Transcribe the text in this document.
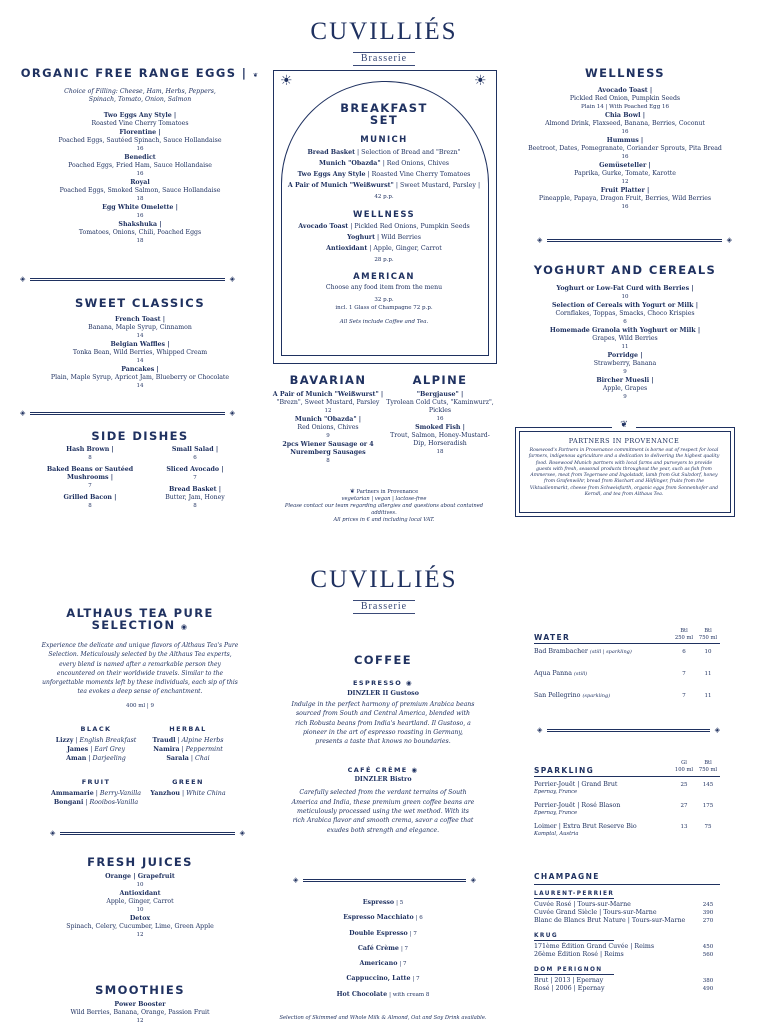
CUVILLIÉS
Brasserie
ORGANIC FREE RANGE EGGS | ❦
Choice of Filling: Cheese, Ham, Herbs, Peppers, Spinach, Tomato, Onion, Salmon
Two Eggs Any Style |
Roasted Vine Cherry Tomatoes
Florentine |
Poached Eggs, Sautéed Spinach, Sauce Hollandaise
16
Benedict
Poached Eggs, Fried Ham, Sauce Hollandaise
16
Royal
Poached Eggs, Smoked Salmon, Sauce Hollandaise
18
Egg White Omelette |
16
Shakshuka |
Tomatoes, Onions, Chili, Poached Eggs
18
◈	◈
SWEET CLASSICS
French Toast |
Banana, Maple Syrup, Cinnamon
14
Belgian Waffles |
Tonka Bean, Wild Berries, Whipped Cream
14
Pancakes |
Plain, Maple Syrup, Apricot Jam, Blueberry or Chocolate
14
◈	◈
SIDE DISHES
Hash Brown |
8
Baked Beans or Sautéed Mushrooms |
7
Grilled Bacon |
8
Small Salad |
6
Sliced Avocado |
7
Bread Basket |
Butter, Jam, Honey
8
☀	☀
BREAKFAST SET
MUNICH
Bread Basket | Selection of Bread and "Brezn"
Munich "Obazda" | Red Onions, Chives
Two Eggs Any Style | Roasted Vine Cherry Tomatoes
A Pair of Munich "Weißwurst" | Sweet Mustard, Parsley |
42 p.p.
WELLNESS
Avocado Toast | Pickled Red Onions, Pumpkin Seeds
Yoghurt | Wild Berries
Antioxidant | Apple, Ginger, Carrot
28 p.p.
AMERICAN
Choose any food item from the menu
32 p.p.
incl. 1 Glass of Champagne 72 p.p.
All Sets include Coffee and Tea.
BAVARIAN
A Pair of Munich "Weißwurst" |
"Brezn", Sweet Mustard, Parsley
12
Munich "Obazda" |
Red Onions, Chives
9
2pcs Wiener Sausage or 4 Nuremberg Sausages
8
ALPINE
"Bergjause" |
Tyrolean Cold Cuts, "Kaminwurz", Pickles
16
Smoked Fish |
Trout, Salmon, Honey-Mustard-Dip, Horseradish
18
❦ Partners in Provenance
vegetarian | vegan | lactose-free
Please contact our team regarding allergies and questions about contained additives.
All prices in € and including local VAT.
WELLNESS
Avocado Toast |
Pickled Red Onion, Pumpkin Seeds
Plain 14 | With Poached Egg 16
Chia Bowl |
Almond Drink, Flaxseed, Banana, Berries, Coconut
16
Hummus |
Beetroot, Dates, Pomegranate, Coriander Sprouts, Pita Bread
16
Gemüseteller |
Paprika, Gurke, Tomate, Karotte
12
Fruit Platter |
Pineapple, Papaya, Dragon Fruit, Berries, Wild Berries
16
◈	◈
YOGHURT AND CEREALS
Yoghurt or Low-Fat Curd with Berries |
10
Selection of Cereals with Yogurt or Milk |
Cornflakes, Toppas, Smacks, Choco Krispies
6
Homemade Granola with Yoghurt or Milk |
Grapes, Wild Berries
11
Porridge |
Strawberry, Banana
9
Bircher Muesli |
Apple, Grapes
9
❦
PARTNERS IN PROVENANCE
Rosewood's Partners in Provenance commitment is borne out of respect for local farmers, indigenous agriculture and a dedication to delivering the highest quality food. Rosewood Munich partners with local farms and purveyors to provide guests with fresh, seasonal products throughout the year, such as fish from Ammersee, meat from Tegernsee and Ingolstadt, lamb from Gut Sulzdorf, honey from Grafenwöhr, bread from Rischart and Höflinger, fruits from the Viktualienmarkt, cheese from Schweisfurth, organic eggs from Sonnenhofer and Kerndl, and tea from Althaus Tea.
CUVILLIÉS
Brasserie
ALTHAUS TEA PURE SELECTION ◉
Experience the delicate and unique flavors of Althaus Tea's Pure Selection. Meticulously selected by the Althaus Tea experts, every blend is named after a remarkable person they encountered on their worldwide travels. Similar to the unforgettable moments left by these individuals, each sip of this tea evokes a deep sense of enchantment.
400 ml | 9
BLACK
Lizzy | English Breakfast
James | Earl Grey
Aman | Darjeeling
HERBAL
Traudl | Alpine Herbs
Namira | Peppermint
Sarala | Chai
FRUIT
Ammamarie | Berry-Vanilla
Bongani | Rooibos-Vanilla
GREEN
Yanzhou | White China
◈	◈
FRESH JUICES
Orange | Grapefruit
10
Antioxidant
Apple, Ginger, Carrot
10
Detox
Spinach, Celery, Cucumber, Lime, Green Apple
12
SMOOTHIES
Power Booster
Wild Berries, Banana, Orange, Passion Fruit
12
COFFEE
ESPRESSO ◉
DINZLER II Gustoso
Indulge in the perfect harmony of premium Arabica beans sourced from South and Central America, blended with rich Robusta beans from India's heartland. Il Gustoso, a pioneer in the art of espresso roasting in Germany, presents a taste that knows no boundaries.
CAFÉ CRÈME ◉
DINZLER Bistro
Carefully selected from the verdant terrains of South America and India, these premium green coffee beans are meticulously processed using the wet method. With its rich Arabica flavor and smooth crema, savor a coffee that exudes both strength and elegance.
◈	◈
Espresso | 5
Espresso Macchiato | 6
Double Espresso | 7
Café Crème | 7
Americano | 7
Cappuccino, Latte | 7
Hot Chocolate | with cream 8
Selection of Skimmed and Whole Milk & Almond, Oat and Soy Drink available.
Btl	Btl
250 ml	750 ml
WATER
Bad Brambacher (still | sparkling)	6	10
Aqua Panna (still)	7	11
San Pellegrino (sparkling)	7	11
◈	◈
Gl	Btl
100 ml	750 ml
SPARKLING
Perrier-Jouët | Grand Brut
Epernay, France
25	145
Perrier-Jouët | Rosé Blason
Epernay, France
27	175
Loimer | Extra Brut Reserve Bio
Kamptal, Austria
13	75
CHAMPAGNE
LAURENT-PERRIER
Cuvée Rosé | Tours-sur-Marne	245
Cuvée Grand Siècle | Tours-sur-Marne	390
Blanc de Blancs Brut Nature | Tours-sur-Marne	270
KRUG
171ème Édition Grand Cuvée | Reims	450
26ème Édition Rosé | Reims	560
DOM PERIGNON
Brut | 2013 | Epernay	380
Rosé | 2006 | Epernay	490
